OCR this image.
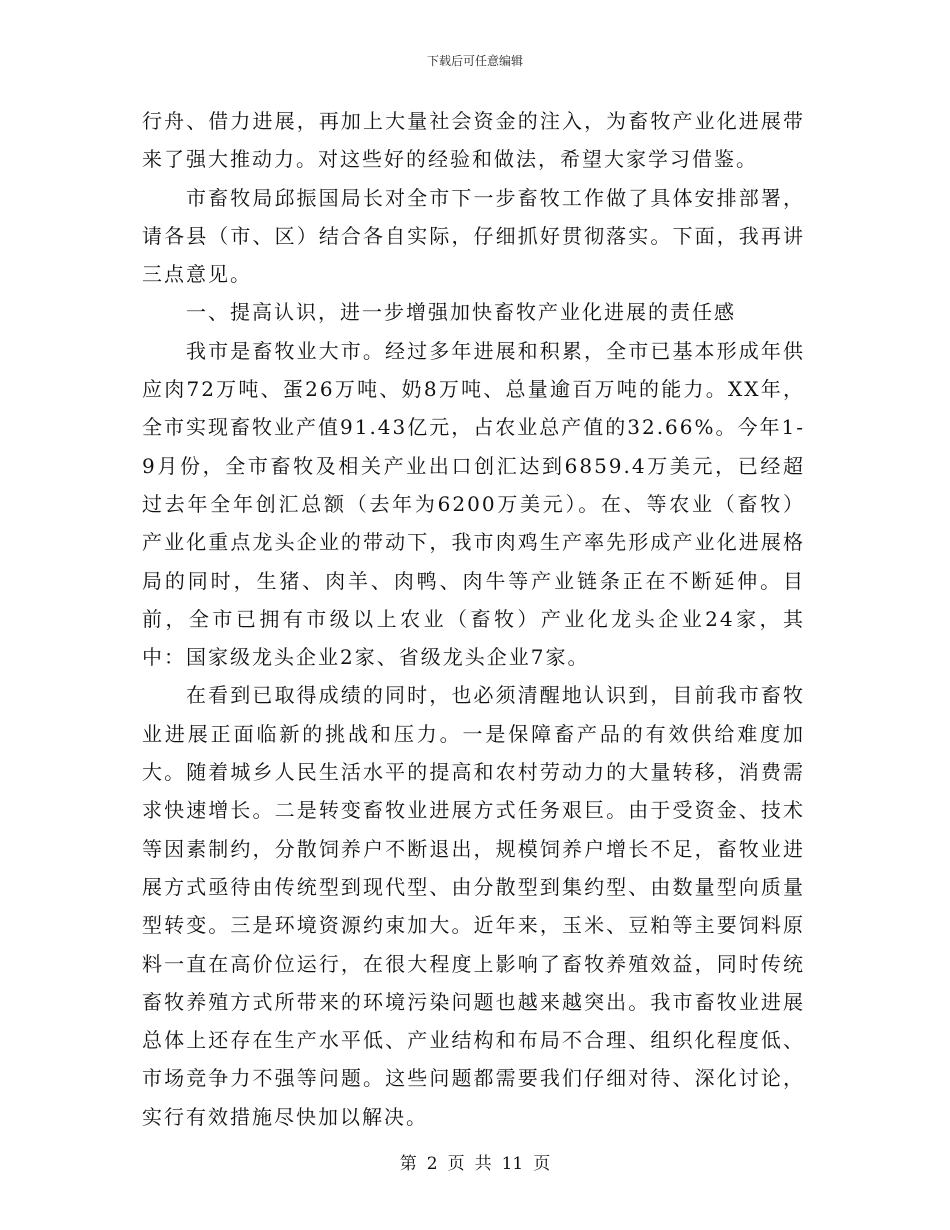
下载后可任意编辑

行舟、借力进展，再加上大量社会资金的注入，为畜牧产业化进展带来了强大推动力。对这些好的经验和做法，希望大家学习借鉴。

市畜牧局邱振国局长对全市下一步畜牧工作做了具体安排部署，请各县（市、区）结合各自实际，仔细抓好贯彻落实。下面，我再讲三点意见。

一、提高认识，进一步增强加快畜牧产业化进展的责任感

我市是畜牧业大市。经过多年进展和积累，全市已基本形成年供应肉72万吨、蛋26万吨、奶8万吨、总量逾百万吨的能力。XX年，全市实现畜牧业产值91.43亿元，占农业总产值的32.66%。今年1-9月份，全市畜牧及相关产业出口创汇达到6859.4万美元，已经超过去年全年创汇总额（去年为6200万美元）。在、等农业（畜牧）产业化重点龙头企业的带动下，我市肉鸡生产率先形成产业化进展格局的同时，生猪、肉羊、肉鸭、肉牛等产业链条正在不断延伸。目前，全市已拥有市级以上农业（畜牧）产业化龙头企业24家，其中：国家级龙头企业2家、省级龙头企业7家。

在看到已取得成绩的同时，也必须清醒地认识到，目前我市畜牧业进展正面临新的挑战和压力。一是保障畜产品的有效供给难度加大。随着城乡人民生活水平的提高和农村劳动力的大量转移，消费需求快速增长。二是转变畜牧业进展方式任务艰巨。由于受资金、技术等因素制约，分散饲养户不断退出，规模饲养户增长不足，畜牧业进展方式亟待由传统型到现代型、由分散型到集约型、由数量型向质量型转变。三是环境资源约束加大。近年来，玉米、豆粕等主要饲料原料一直在高价位运行，在很大程度上影响了畜牧养殖效益，同时传统畜牧养殖方式所带来的环境污染问题也越来越突出。我市畜牧业进展总体上还存在生产水平低、产业结构和布局不合理、组织化程度低、市场竞争力不强等问题。这些问题都需要我们仔细对待、深化讨论，实行有效措施尽快加以解决。

第 2 页 共 11 页
